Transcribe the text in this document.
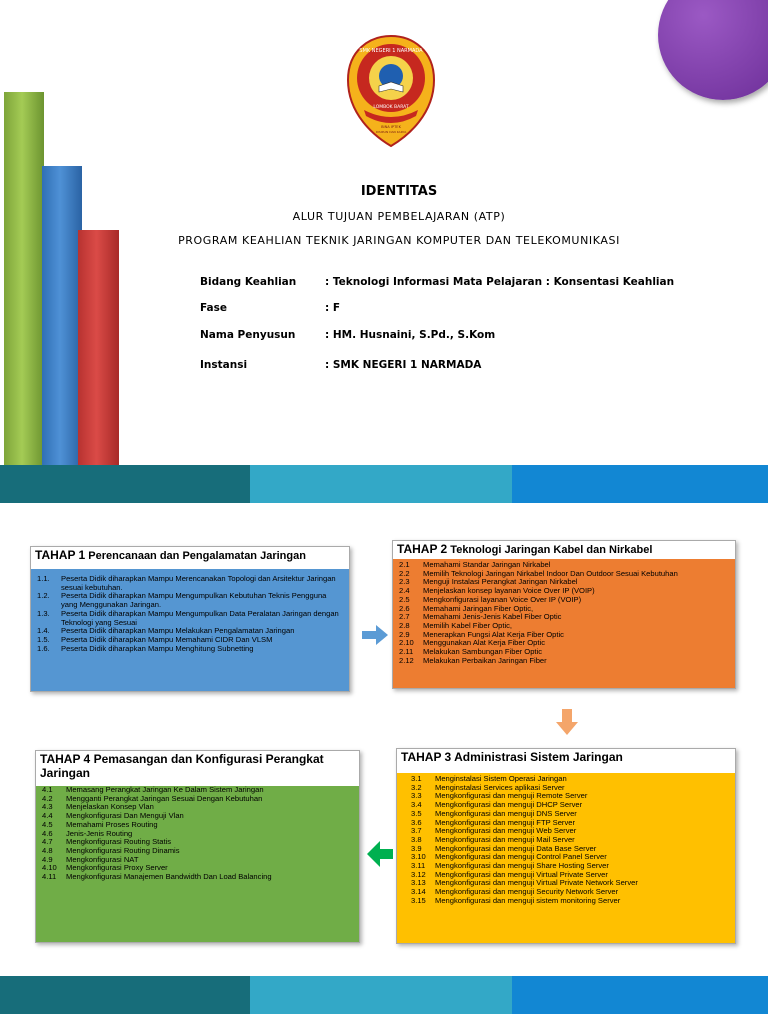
SMK NEGERI 1 NARMADA
LOMBOK BARAT
BINA IPTEK
DISIPLIN DAN KARYA
IDENTITAS
ALUR TUJUAN PEMBELAJARAN (ATP)
PROGRAM KEAHLIAN TEKNIK JARINGAN KOMPUTER DAN TELEKOMUNIKASI
Bidang Keahlian	: Teknologi Informasi Mata Pelajaran : Konsentasi Keahlian
Fase	: F
Nama Penyusun	: HM. Husnaini, S.Pd., S.Kom
Instansi	: SMK NEGERI 1 NARMADA
TAHAP 1 Perencanaan dan Pengalamatan Jaringan
1.1.	Peserta Didik diharapkan Mampu Merencanakan Topologi dan Arsitektur Jaringan sesuai kebutuhan.
1.2.	Peserta Didik diharapkan Mampu Mengumpulkan Kebutuhan Teknis Pengguna yang Menggunakan Jaringan.
1.3.	Peserta Didik diharapkan Mampu Mengumpulkan Data Peralatan Jaringan dengan Teknologi yang Sesuai
1.4.	Peserta Didik diharapkan Mampu Melakukan Pengalamatan Jaringan
1.5.	Peserta Didik diharapkan Mampu Memahami CIDR Dan VLSM
1.6.	Peserta Didik diharapkan Mampu Menghitung Subnetting
TAHAP 2 Teknologi Jaringan Kabel dan Nirkabel
2.1	Memahami Standar Jaringan Nirkabel
2.2	Memilih Teknologi Jaringan Nirkabel Indoor Dan Outdoor Sesuai Kebutuhan
2.3	Menguji Instalasi Perangkat Jaringan Nirkabel
2.4	Menjelaskan konsep layanan Voice Over IP (VOIP)
2.5	Mengkonfigurasi layanan Voice Over IP (VOIP)
2.6	Memahami Jaringan Fiber Optic,
2.7	Memahami Jenis-Jenis Kabel Fiber Optic
2.8	Memilih Kabel Fiber Optic,
2.9	Menerapkan Fungsi Alat Kerja Fiber Optic
2.10	Menggunakan Alat Kerja Fiber Optic
2.11	Melakukan Sambungan Fiber Optic
2.12	Melakukan Perbaikan Jaringan Fiber
TAHAP 3 Administrasi Sistem Jaringan
3.1	Menginstalasi Sistem Operasi Jaringan
3.2	Menginstalasi Services aplikasi Server
3.3	Mengkonfigurasi dan menguji Remote Server
3.4	Mengkonfigurasi dan menguji DHCP Server
3.5	Mengkonfigurasi dan menguji DNS Server
3.6	Mengkonfigurasi dan menguji FTP Server
3.7	Mengkonfigurasi dan menguji Web Server
3.8	Mengkonfigurasi dan menguji Mail Server
3.9	Mengkonfigurasi dan menguji Data Base Server
3.10	Mengkonfigurasi dan menguji Control Panel Server
3.11	Mengkonfigurasi dan menguji Share Hosting Server
3.12	Mengkonfigurasi dan menguji Virtual Private Server
3.13	Mengkonfigurasi dan menguji Virtual Private Network Server
3.14	Mengkonfigurasi dan menguji Security Network Server
3.15	Mengkonfigurasi dan menguji sistem monitoring Server
TAHAP 4 Pemasangan dan Konfigurasi Perangkat Jaringan
4.1	Memasang Perangkat Jaringan Ke Dalam Sistem Jaringan
4.2	Mengganti Perangkat Jaringan Sesuai Dengan Kebutuhan
4.3	Menjelaskan Konsep Vlan
4.4	Mengkonfigurasi Dan Menguji Vlan
4.5	Memahami Proses Routing
4.6	Jenis-Jenis Routing
4.7	Mengkonfigurasi Routing Statis
4.8	Mengkonfigurasi Routing Dinamis
4.9	Mengkonfigurasi NAT
4.10	Mengkonfigurasi Proxy Server
4.11	Mengkonfigurasi Manajemen Bandwidth Dan Load Balancing
